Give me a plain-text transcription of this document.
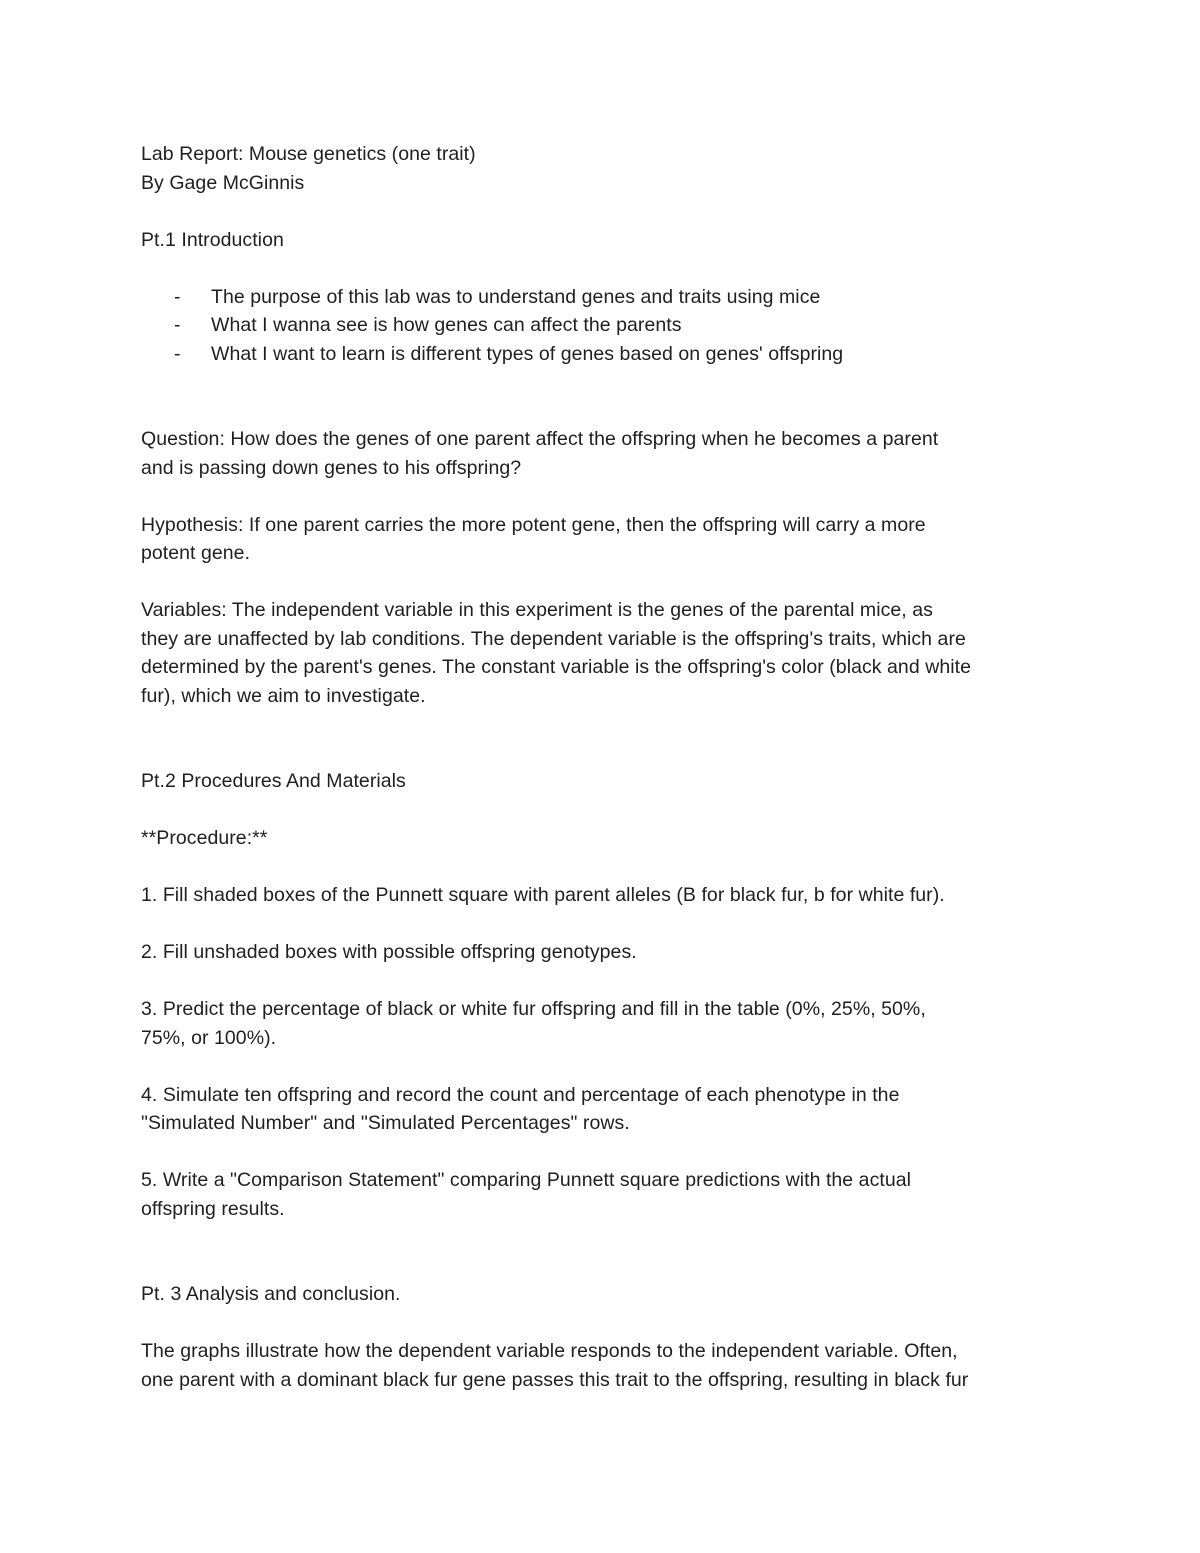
Lab Report: Mouse genetics (one trait)

By Gage McGinnis

Pt.1 Introduction

- The purpose of this lab was to understand genes and traits using mice
- What I wanna see is how genes can affect the parents
- What I want to learn is different types of genes based on genes' offspring

Question: How does the genes of one parent affect the offspring when he becomes a parent

and is passing down genes to his offspring?

Hypothesis: If one parent carries the more potent gene, then the offspring will carry a more

potent gene.

Variables: The independent variable in this experiment is the genes of the parental mice, as

they are unaffected by lab conditions. The dependent variable is the offspring's traits, which are

determined by the parent's genes. The constant variable is the offspring's color (black and white

fur), which we aim to investigate.

Pt.2 Procedures And Materials

**Procedure:**

1. Fill shaded boxes of the Punnett square with parent alleles (B for black fur, b for white fur).

2. Fill unshaded boxes with possible offspring genotypes.

3. Predict the percentage of black or white fur offspring and fill in the table (0%, 25%, 50%,

75%, or 100%).

4. Simulate ten offspring and record the count and percentage of each phenotype in the

"Simulated Number" and "Simulated Percentages" rows.

5. Write a "Comparison Statement" comparing Punnett square predictions with the actual

offspring results.

Pt. 3 Analysis and conclusion.

The graphs illustrate how the dependent variable responds to the independent variable. Often,

one parent with a dominant black fur gene passes this trait to the offspring, resulting in black fur
